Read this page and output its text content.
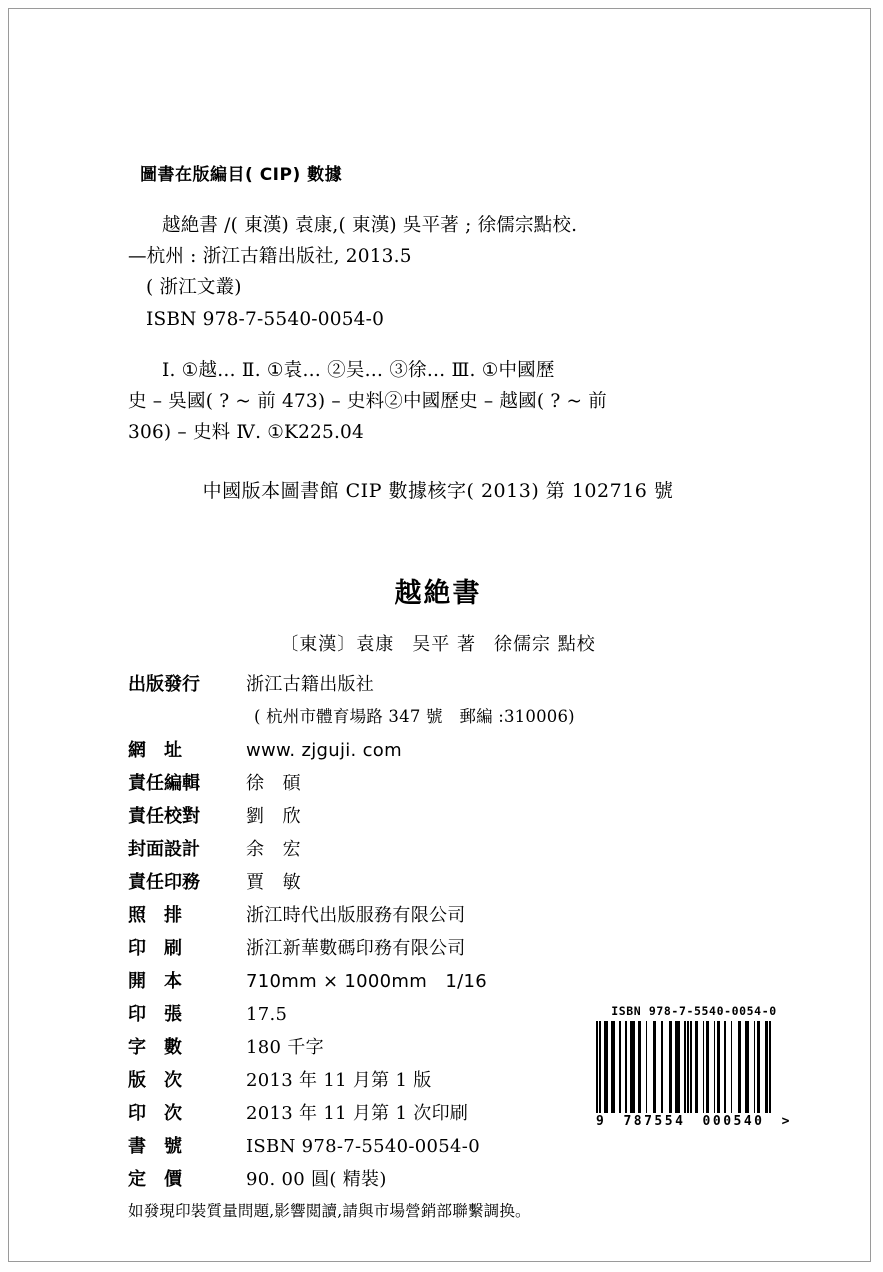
圖書在版編目( CIP) 數據
越絶書 /( 東漢) 袁康,( 東漢) 吳平著 ; 徐儒宗點校.
—杭州 : 浙江古籍出版社, 2013.5
( 浙江文叢)
ISBN 978-7-5540-0054-0
Ⅰ. ①越… Ⅱ. ①袁… ②吴… ③徐… Ⅲ. ①中國歷
史 – 吳國( ? ~ 前 473) – 史料②中國歷史 – 越國( ? ~ 前
306) – 史料 Ⅳ. ①K225.04
中國版本圖書館 CIP 數據核字( 2013) 第 102716 號
越絶書
〔東漢〕袁康 吴平 著 徐儒宗 點校
出版發行	浙江古籍出版社
( 杭州市體育場路 347 號　郵編 :310006)
網　址	www. zjguji. com
責任編輯	徐　碩
責任校對	劉　欣
封面設計	余　宏
責任印務	賈　敏
照　排	浙江時代出版服務有限公司
印　刷	浙江新華數碼印務有限公司
開　本	710mm × 1000mm　1/16
印　張	17.5
字　數	180 千字
版　次	2013 年 11 月第 1 版
印　次	2013 年 11 月第 1 次印刷
書　號	ISBN 978-7-5540-0054-0
定　價	90. 00 圓( 精裝)
如發現印裝質量問題,影響閲讀,請與市場營銷部聯繫調换。
ISBN 978-7-5540-0054-0
9 787554 000540 >
